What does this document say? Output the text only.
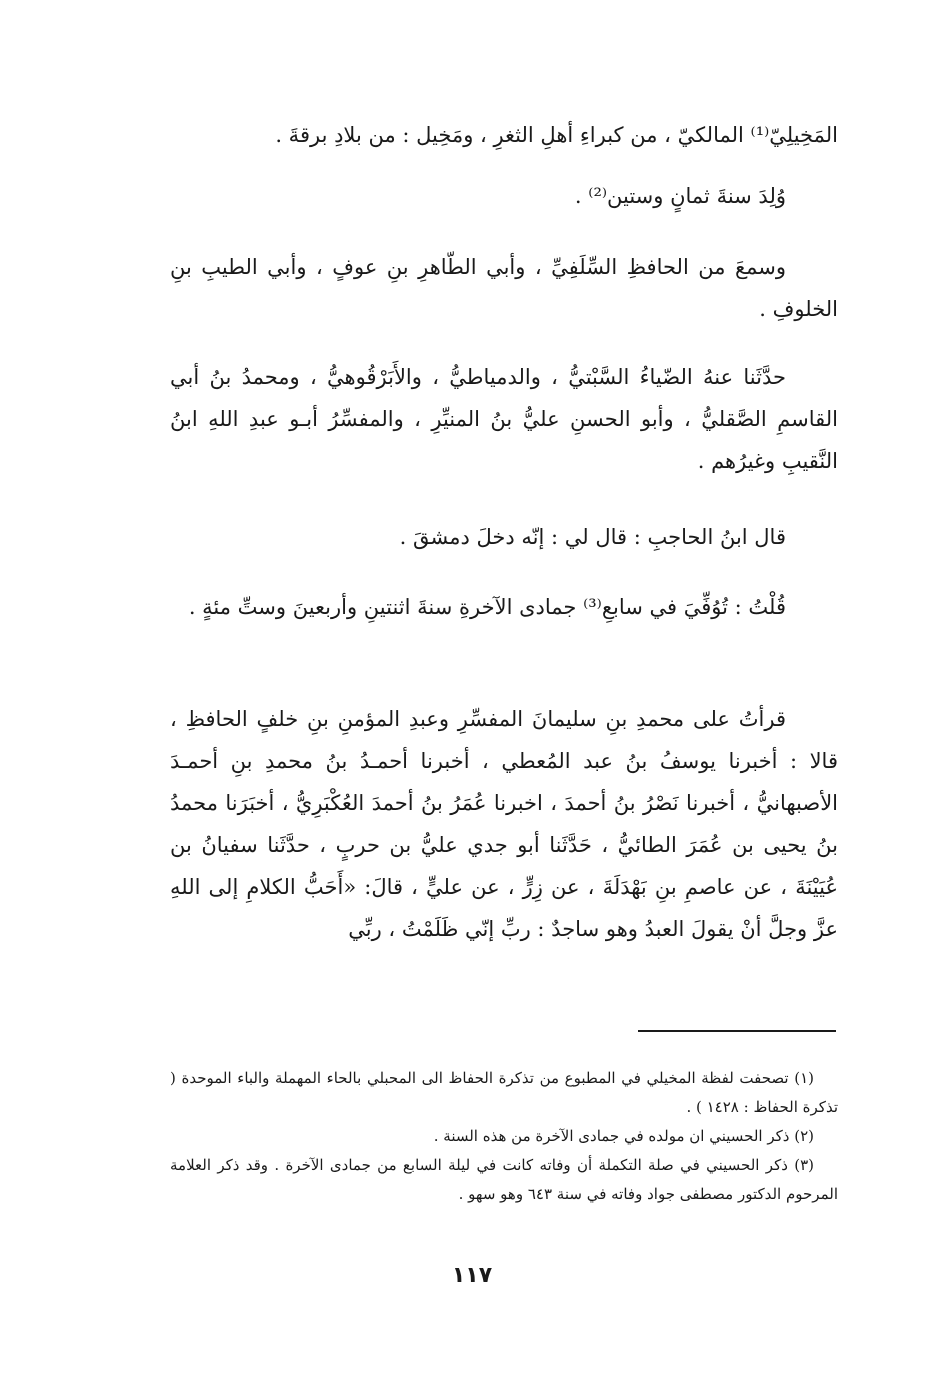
المَخِيلِيّ⁽¹⁾ المالكيّ ، من كبراءِ أهلِ الثغرِ ، ومَخِيل : من بلادِ برقةَ .

وُلِدَ سنةَ ثمانٍ وستين⁽²⁾ .

وسمعَ من الحافظِ السِّلَفِيِّ ، وأبي الطّاهرِ بنِ عوفٍ ، وأبي الطيبِ بنِ الخلوفِ .

حدَّثَنا عنهُ الضّياءُ السَّبْتيُّ ، والدمياطيُّ ، والأَبَرْقُوهيُّ ، ومحمدُ بنُ أبي القاسمِ الصَّقليُّ ، وأبو الحسنِ عليُّ بنُ المنيِّرِ ، والمفسِّرُ أبـو عبدِ اللهِ ابنُ النَّقيبِ وغيرُهم .

قال ابنُ الحاجبِ : قال لي : إنّه دخلَ دمشقَ .

قُلْتُ : تُوُفِّيَ في سابعِ⁽³⁾ جمادى الآخرةِ سنةَ اثنتينِ وأربعينَ وستِّ مئةٍ .

قرأتُ على محمدِ بنِ سليمانَ المفسِّرِ وعبدِ المؤمنِ بنِ خلفٍ الحافظِ ، قالا : أخبرنا يوسفُ بنُ عبد المُعطي ، أخبرنا أحمـدُ بنُ محمدِ بنِ أحمـدَ الأصبهانيُّ ، أخبرنا نَصْرُ بنُ أحمدَ ، اخبرنا عُمَرُ بنُ أحمدَ العُكْبَرِيُّ ، أخبَرَنا محمدُ بنُ يحيى بن عُمَرَ الطائيُّ ، حَدَّثَنا أبو جدي عليُّ بن حربٍ ، حدَّثَنا سفيانُ بن عُيَيْنَةَ ، عن عاصمِ بنِ بَهْدَلَةَ ، عن زِرٍّ ، عن عليٍّ ، قالَ: «أَحَبُّ الكلامِ إلى اللهِ عزَّ وجلَّ أنْ يقولَ العبدُ وهو ساجدٌ : ربِّ إنّي ظَلَمْتُ ، ربِّي

(١) تصحفت لفظة المخيلي في المطبوع من تذكرة الحفاظ الى المحبلي بالحاء المهملة والباء الموحدة ( تذكرة الحفاظ : ١٤٢٨ ) .
(٢) ذكر الحسيني ان مولده في جمادى الآخرة من هذه السنة .
(٣) ذكر الحسيني في صلة التكملة أن وفاته كانت في ليلة السابع من جمادى الآخرة . وقد ذكر العلامة المرحوم الدكتور مصطفى جواد وفاته في سنة ٦٤٣ وهو سهو .
١١٧
